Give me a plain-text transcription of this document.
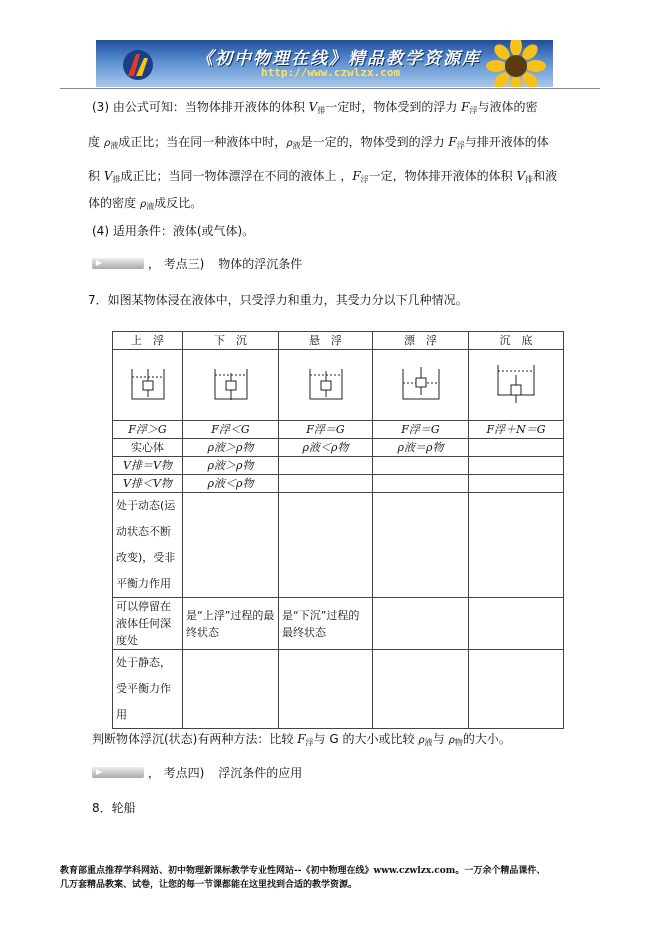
《初中物理在线》精品教学资源库
http://www.czwlzx.com
(3) 由公式可知：当物体排开液体的体积 $V_排$一定时，物体受到的浮力 $F_浮$与液体的密
度 $\rho_液$成正比；当在同一种液体中时，$\rho_液$是一定的，物体受到的浮力 $F_浮$与排开液体的体
积 $V_排$成正比；当同一物体漂浮在不同的液体上 ，$F_浮$一定，物体排开液体的体积 $V_排$和液
体的密度 $\rho_液$成反比。
(4) 适用条件：液体(或气体)。
， 考点三) 物体的浮沉条件
7．如图某物体浸在液体中，只受浮力和重力，其受力分以下几种情况。
上　浮	下　沉	悬　浮	漂　浮	沉　底

F浮＞G	F浮＜G	F浮＝G	F浮＝G	F浮＋N＝G
实心体	ρ液＞ρ物	ρ液＜ρ物	ρ液＝ρ物	
V排＝V物	ρ液＞ρ物			
V排＜V物	ρ液＜ρ物			
处于动态(运动状态不断改变)，受非平衡力作用				
可以停留在液体任何深度处	是“上浮”过程的最终状态	是“下沉”过程的最终状态		
处于静态，受平衡力作用				
判断物体浮沉(状态)有两种方法：比较 $F_浮$与 G 的大小或比较 $\rho_液$与 $\rho_物$的大小。
， 考点四) 浮沉条件的应用
8．轮船
教育部重点推荐学科网站、初中物理新课标教学专业性网站--《初中物理在线》www.czwlzx.com。一万余个精品课件、
几万套精品教案、试卷，让您的每一节课都能在这里找到合适的教学资源。
